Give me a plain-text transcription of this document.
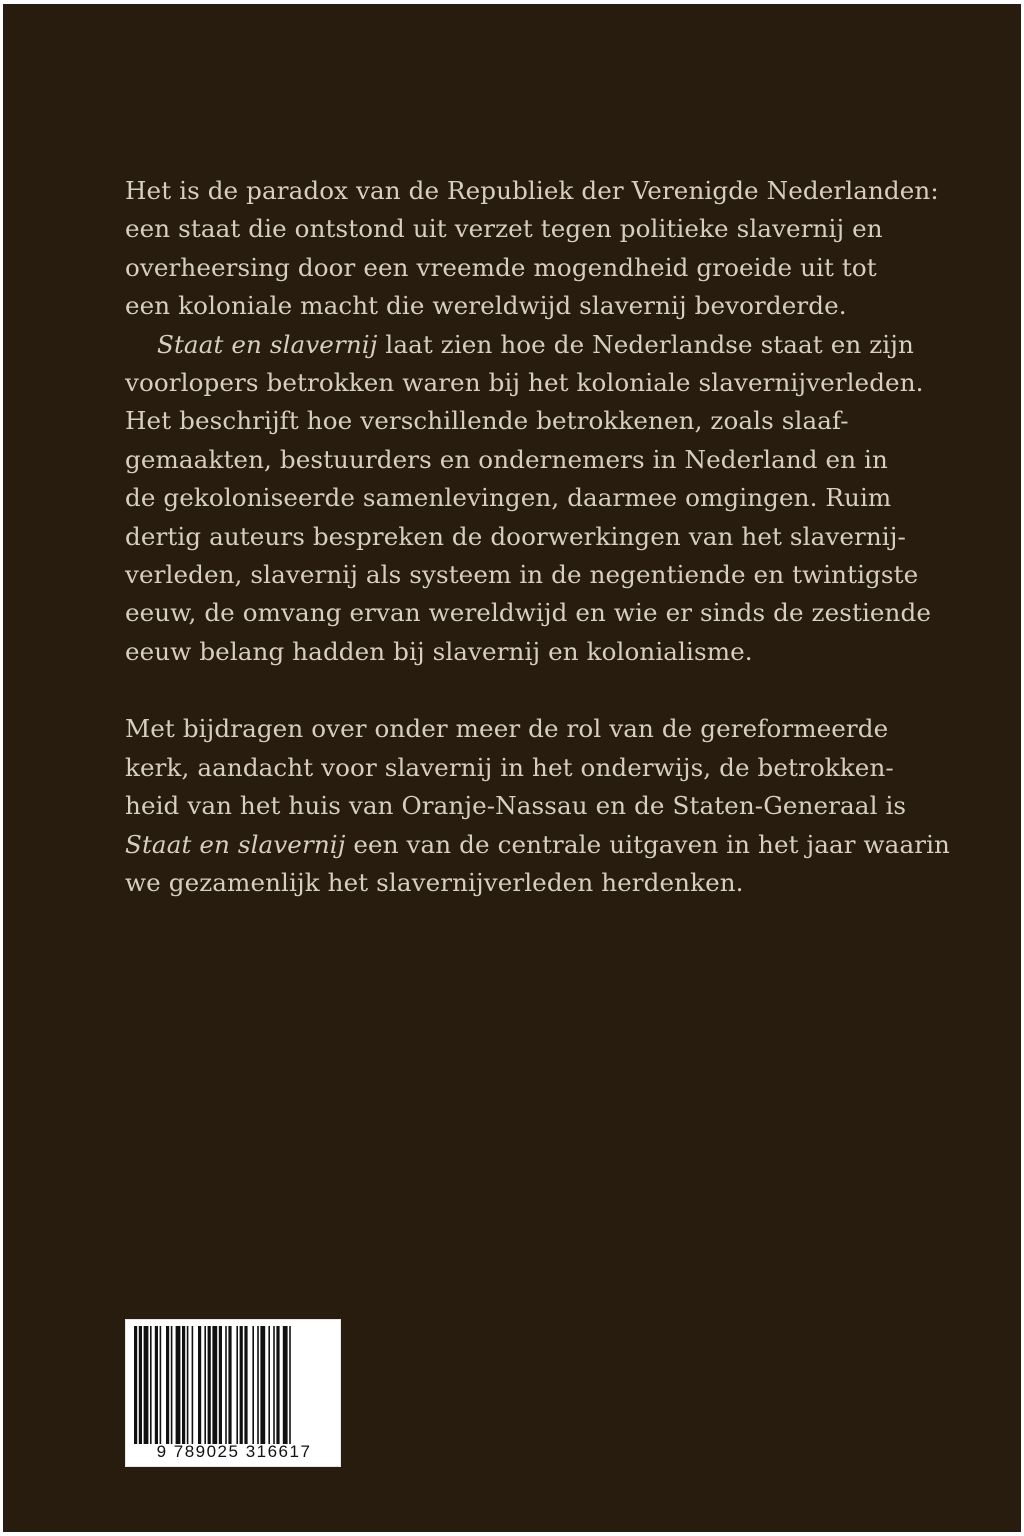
Het is de paradox van de Republiek der Verenigde Nederlanden:
een staat die ontstond uit verzet tegen politieke slavernij en
overheersing door een vreemde mogendheid groeide uit tot
een koloniale macht die wereldwijd slavernij bevorderde.
Staat en slavernij laat zien hoe de Nederlandse staat en zijn
voorlopers betrokken waren bij het koloniale slavernijverleden.
Het beschrijft hoe verschillende betrokkenen, zoals slaaf-
gemaakten, bestuurders en ondernemers in Nederland en in
de gekoloniseerde samenlevingen, daarmee omgingen. Ruim
dertig auteurs bespreken de doorwerkingen van het slavernij-
verleden, slavernij als systeem in de negentiende en twintigste
eeuw, de omvang ervan wereldwijd en wie er sinds de zestiende
eeuw belang hadden bij slavernij en kolonialisme.
Met bijdragen over onder meer de rol van de gereformeerde
kerk, aandacht voor slavernij in het onderwijs, de betrokken-
heid van het huis van Oranje-Nassau en de Staten-Generaal is
Staat en slavernij een van de centrale uitgaven in het jaar waarin
we gezamenlijk het slavernijverleden herdenken.
9 789025 316617
